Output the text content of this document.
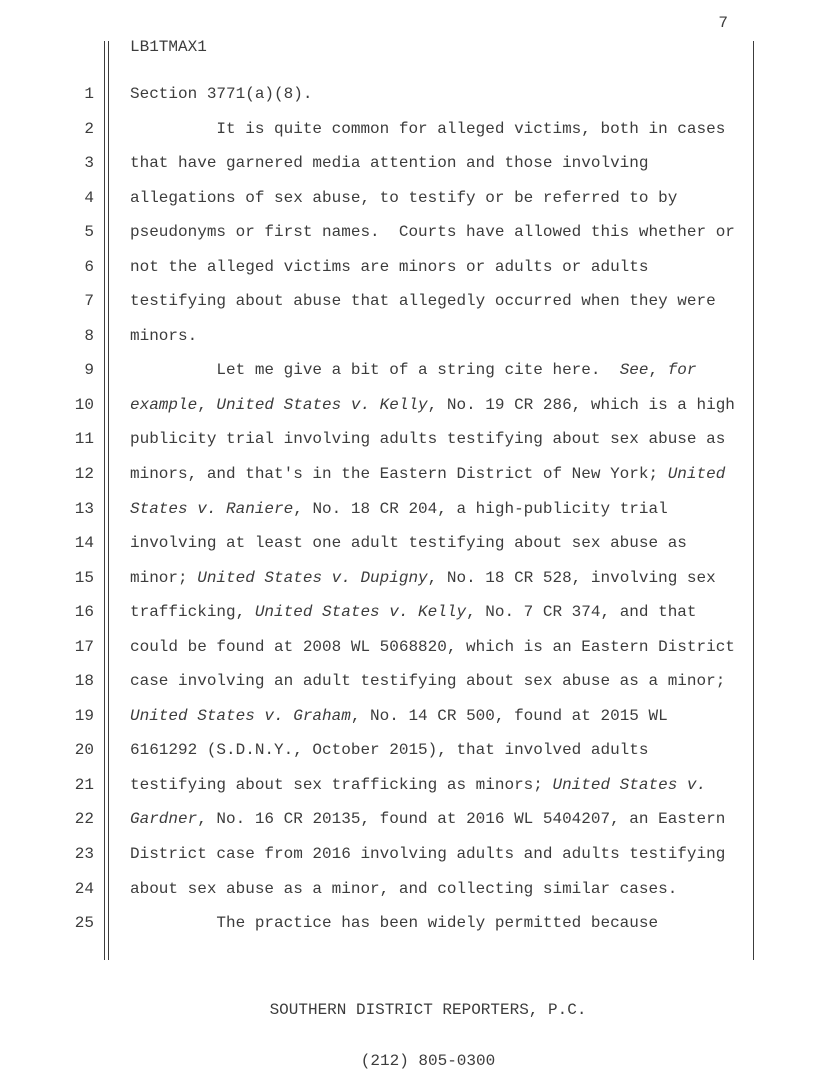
7
LB1TMAX1
1 Section 3771(a)(8).
2 It is quite common for alleged victims, both in cases
3 that have garnered media attention and those involving
4 allegations of sex abuse, to testify or be referred to by
5 pseudonyms or first names.  Courts have allowed this whether or
6 not the alleged victims are minors or adults or adults
7 testifying about abuse that allegedly occurred when they were
8 minors.
9 Let me give a bit of a string cite here.  See, for
10 example, United States v. Kelly, No. 19 CR 286, which is a high
11 publicity trial involving adults testifying about sex abuse as
12 minors, and that's in the Eastern District of New York; United
13 States v. Raniere, No. 18 CR 204, a high-publicity trial
14 involving at least one adult testifying about sex abuse as
15 minor; United States v. Dupigny, No. 18 CR 528, involving sex
16 trafficking, United States v. Kelly, No. 7 CR 374, and that
17 could be found at 2008 WL 5068820, which is an Eastern District
18 case involving an adult testifying about sex abuse as a minor;
19 United States v. Graham, No. 14 CR 500, found at 2015 WL
20 6161292 (S.D.N.Y., October 2015), that involved adults
21 testifying about sex trafficking as minors; United States v.
22 Gardner, No. 16 CR 20135, found at 2016 WL 5404207, an Eastern
23 District case from 2016 involving adults and adults testifying
24 about sex abuse as a minor, and collecting similar cases.
25 The practice has been widely permitted because

SOUTHERN DISTRICT REPORTERS, P.C.

(212) 805-0300
